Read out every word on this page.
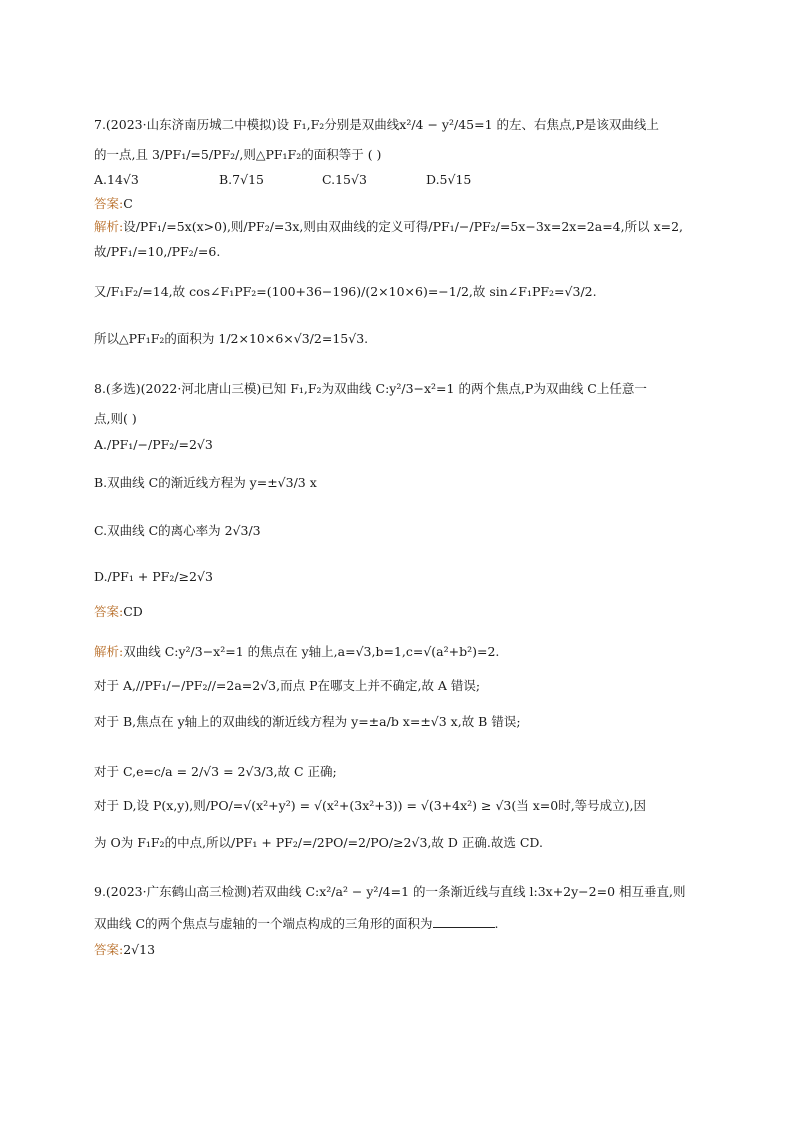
7.(2023·山东济南历城二中模拟)设 F₁,F₂分别是双曲线x²/4 − y²/45=1 的左、右焦点,P是该双曲线上
的一点,且 3/PF₁/=5/PF₂/,则△PF₁F₂的面积等于 ( )
A.14√3	B.7√15	C.15√3	D.5√15
答案:C
解析:设/PF₁/=5x(x>0),则/PF₂/=3x,则由双曲线的定义可得/PF₁/−/PF₂/=5x−3x=2x=2a=4,所以 x=2,
故/PF₁/=10,/PF₂/=6.
又/F₁F₂/=14,故 cos∠F₁PF₂=(100+36−196)/(2×10×6)=−1/2,故 sin∠F₁PF₂=√3/2.
所以△PF₁F₂的面积为 1/2×10×6×√3/2=15√3.
8.(多选)(2022·河北唐山三模)已知 F₁,F₂为双曲线 C:y²/3−x²=1 的两个焦点,P为双曲线 C上任意一
点,则( )
A./PF₁/−/PF₂/=2√3
B.双曲线 C的渐近线方程为 y=±√3/3 x
C.双曲线 C的离心率为 2√3/3
D./PF₁ + PF₂/≥2√3
答案:CD
解析:双曲线 C:y²/3−x²=1 的焦点在 y轴上,a=√3,b=1,c=√(a²+b²)=2.
对于 A,//PF₁/−/PF₂//=2a=2√3,而点 P在哪支上并不确定,故 A 错误;
对于 B,焦点在 y轴上的双曲线的渐近线方程为 y=±a/b x=±√3 x,故 B 错误;
对于 C,e=c/a = 2/√3 = 2√3/3,故 C 正确;
对于 D,设 P(x,y),则/PO/=√(x²+y²) = √(x²+(3x²+3)) = √(3+4x²) ≥ √3(当 x=0时,等号成立),因
为 O为 F₁F₂的中点,所以/PF₁ + PF₂/=/2PO/=2/PO/≥2√3,故 D 正确.故选 CD.
9.(2023·广东鹤山高三检测)若双曲线 C:x²/a² − y²/4=1 的一条渐近线与直线 l:3x+2y−2=0 相互垂直,则
双曲线 C的两个焦点与虚轴的一个端点构成的三角形的面积为	.
答案:2√13
